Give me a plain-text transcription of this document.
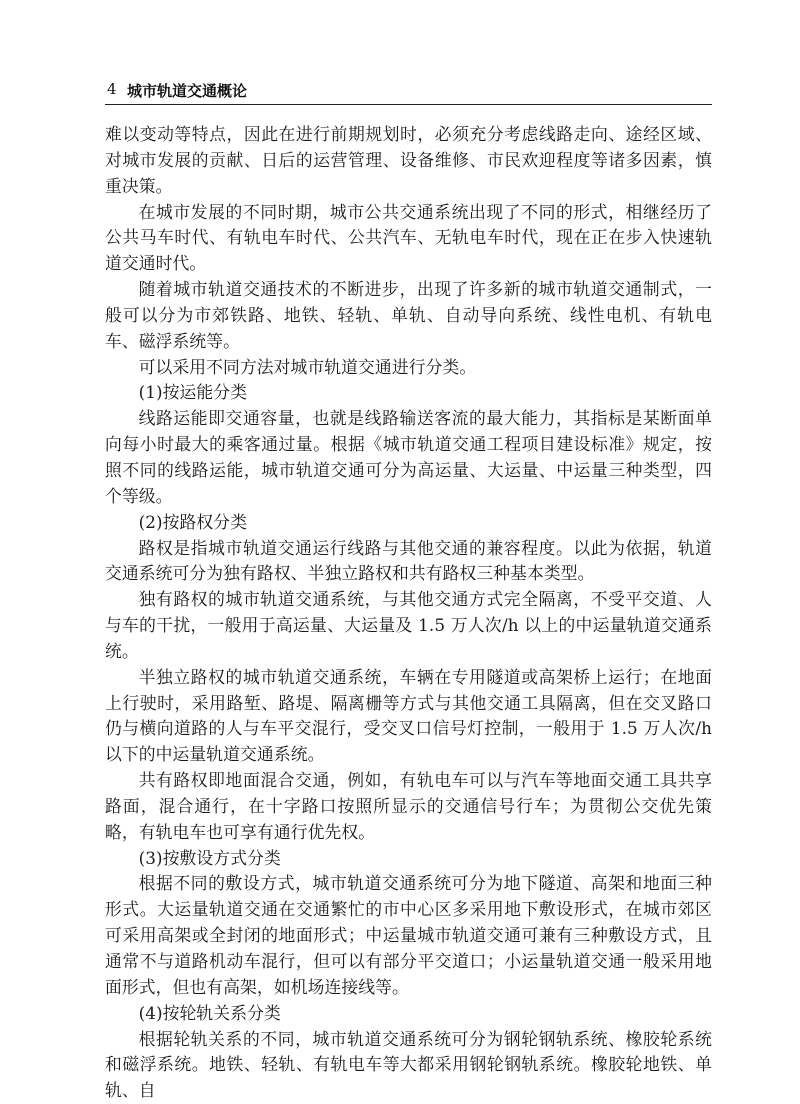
4 城市轨道交通概论

难以变动等特点，因此在进行前期规划时，必须充分考虑线路走向、途经区域、对城市发展的贡献、日后的运营管理、设备维修、市民欢迎程度等诸多因素，慎重决策。

在城市发展的不同时期，城市公共交通系统出现了不同的形式，相继经历了公共马车时代、有轨电车时代、公共汽车、无轨电车时代，现在正在步入快速轨道交通时代。

随着城市轨道交通技术的不断进步，出现了许多新的城市轨道交通制式，一般可以分为市郊铁路、地铁、轻轨、单轨、自动导向系统、线性电机、有轨电车、磁浮系统等。

可以采用不同方法对城市轨道交通进行分类。

(1)按运能分类

线路运能即交通容量，也就是线路输送客流的最大能力，其指标是某断面单向每小时最大的乘客通过量。根据《城市轨道交通工程项目建设标准》规定，按照不同的线路运能，城市轨道交通可分为高运量、大运量、中运量三种类型，四个等级。

(2)按路权分类

路权是指城市轨道交通运行线路与其他交通的兼容程度。以此为依据，轨道交通系统可分为独有路权、半独立路权和共有路权三种基本类型。

独有路权的城市轨道交通系统，与其他交通方式完全隔离，不受平交道、人与车的干扰，一般用于高运量、大运量及 1.5 万人次/h 以上的中运量轨道交通系统。

半独立路权的城市轨道交通系统，车辆在专用隧道或高架桥上运行；在地面上行驶时，采用路堑、路堤、隔离栅等方式与其他交通工具隔离，但在交叉路口仍与横向道路的人与车平交混行，受交叉口信号灯控制，一般用于 1.5 万人次/h 以下的中运量轨道交通系统。

共有路权即地面混合交通，例如，有轨电车可以与汽车等地面交通工具共享路面，混合通行，在十字路口按照所显示的交通信号行车；为贯彻公交优先策略，有轨电车也可享有通行优先权。

(3)按敷设方式分类

根据不同的敷设方式，城市轨道交通系统可分为地下隧道、高架和地面三种形式。大运量轨道交通在交通繁忙的市中心区多采用地下敷设形式，在城市郊区可采用高架或全封闭的地面形式；中运量城市轨道交通可兼有三种敷设方式，且通常不与道路机动车混行，但可以有部分平交道口；小运量轨道交通一般采用地面形式，但也有高架，如机场连接线等。

(4)按轮轨关系分类

根据轮轨关系的不同，城市轨道交通系统可分为钢轮钢轨系统、橡胶轮系统和磁浮系统。地铁、轻轨、有轨电车等大都采用钢轮钢轨系统。橡胶轮地铁、单轨、自
